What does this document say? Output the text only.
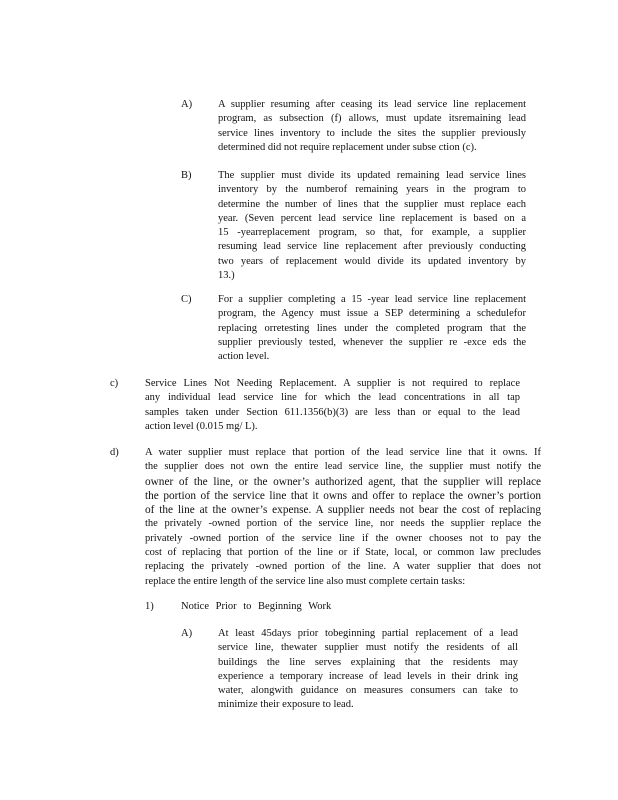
A) A supplier resuming after ceasing its lead service line replacement
program, as subsection (f) allows, must update itsremaining lead
service lines inventory to include the sites the supplier previously
determined did not require replacement under subse ction (c).
B)	The supplier must divide its updated remaining lead service lines
inventory by the numberof remaining years in the program to
determine the number of lines that the supplier must replace each
year. (Seven percent lead service line replacement is based on a
15 -yearreplacement program, so that, for example, a supplier
resuming lead service line replacement after previously conducting
two years of replacement would divide its updated inventory by
13.)
C)	For a supplier completing a 15 -year lead service line replacement
program, the Agency must issue a SEP determining a schedulefor
replacing orretesting lines under the completed program that the
supplier previously tested, whenever the supplier re -exce eds the
action level.
c)	Service Lines Not Needing Replacement. A supplier is not required to replace
any individual lead service line for which the lead concentrations in all tap
samples taken under Section 611.1356(b)(3) are less than or equal to the lead
action level (0.015 mg/ L).
d)	A water supplier must replace that portion of the lead service line that it owns. If
the supplier does not own the entire lead service line, the supplier must notify the
owner of the line, or the owner’s authorized agent, that the supplier will replace
the portion of the service line that it owns and offer to replace the owner’s portion
of the line at the owner’s expense. A supplier needs not bear the cost of replacing
the privately -owned portion of the service line, nor needs the supplier replace the
privately -owned portion of the service line if the owner chooses not to pay the
cost of replacing that portion of the line or if State, local, or common law precludes
replacing the privately -owned portion of the line. A water supplier that does not
replace the entire length of the service line also must complete certain tasks:
1)	Notice Prior to Beginning Work
A) At least 45days prior tobeginning partial replacement of a lead
service line, thewater supplier must notify the residents of all
buildings the line serves explaining that the residents may
experience a temporary increase of lead levels in their drink ing
water, alongwith guidance on measures consumers can take to
minimize their exposure to lead.
